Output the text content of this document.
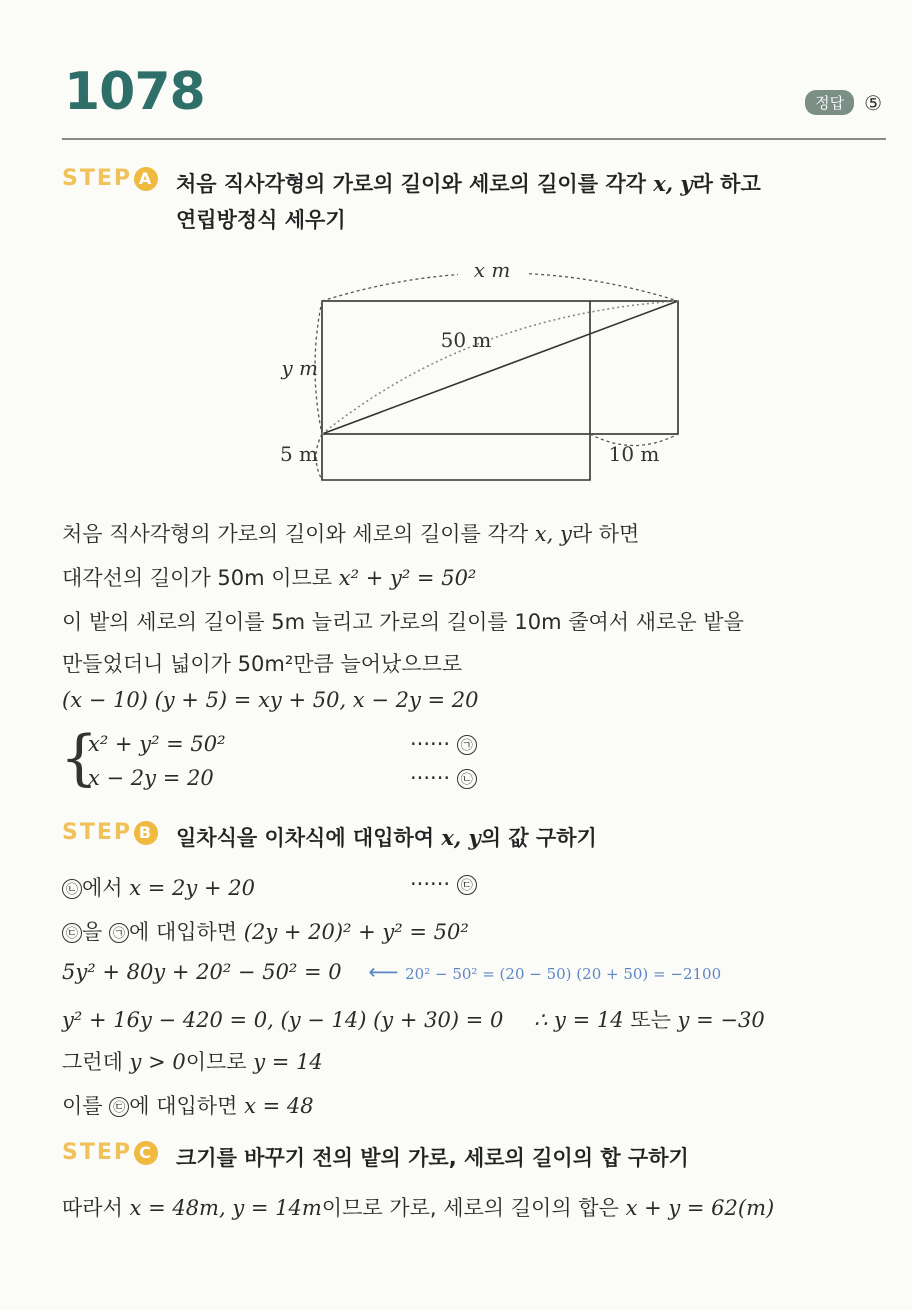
1078	정답	⑤
STEP A 처음 직사각형의 가로의 길이와 세로의 길이를 각각 x, y라 하고
연립방정식 세우기
x m
y m
50 m
5 m	10 m
처음 직사각형의 가로의 길이와 세로의 길이를 각각 x, y라 하면
대각선의 길이가 50m 이므로 x² + y² = 50²
이 밭의 세로의 길이를 5m 늘리고 가로의 길이를 10m 줄여서 새로운 밭을
만들었더니 넓이가 50m²만큼 늘어났으므로
(x − 10) (y + 5) = xy + 50, x − 2y = 20
{
x² + y² = 50²	······ ㉠
x − 2y = 20	······ ㉡
STEP B 일차식을 이차식에 대입하여 x, y의 값 구하기
㉡ 에서 x = 2y + 20	······ ㉢
㉢ 을 ㉠ 에 대입하면 (2y + 20)² + y² = 50²
5y² + 80y + 20² − 50² = 0 ⟵ 20² − 50² = (20 − 50) (20 + 50) = −2100
y² + 16y − 420 = 0, (y − 14) (y + 30) = 0 ∴ y = 14 또는 y = −30
그런데 y > 0이므로 y = 14
이를 ㉢ 에 대입하면 x = 48
STEP C 크기를 바꾸기 전의 밭의 가로, 세로의 길이의 합 구하기
따라서 x = 48m, y = 14m이므로 가로, 세로의 길이의 합은 x + y = 62(m)
